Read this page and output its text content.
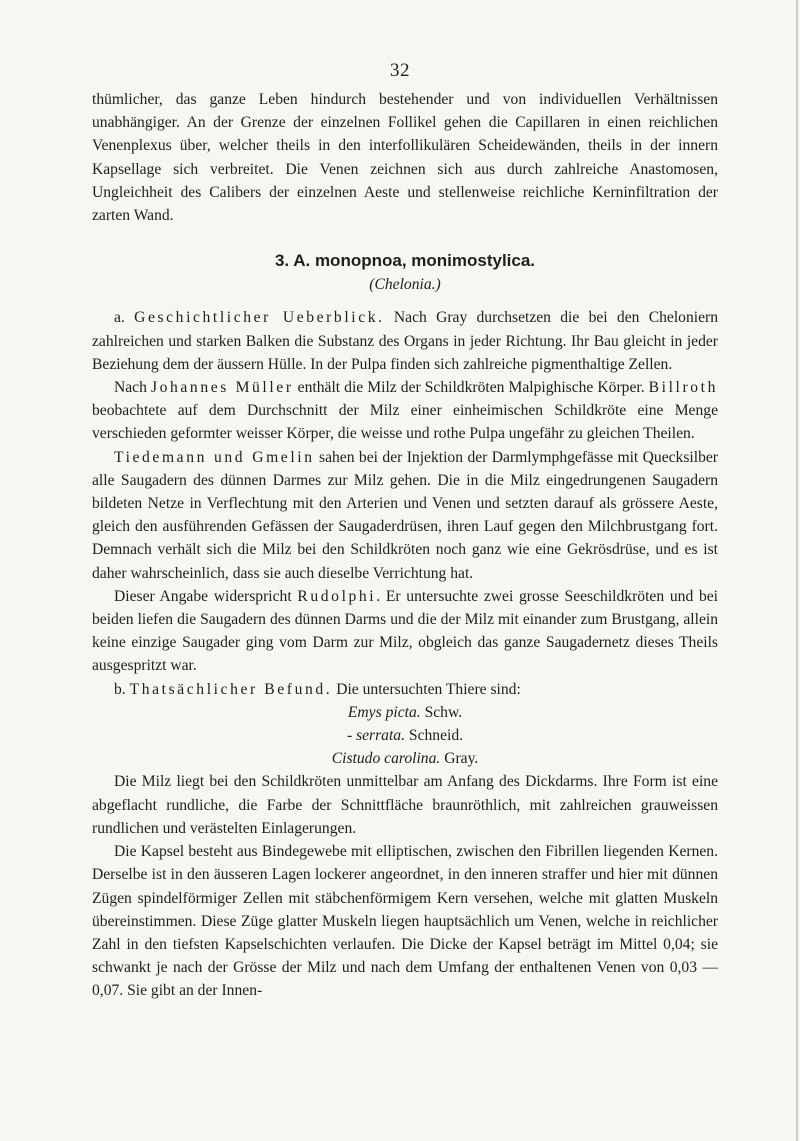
32

thümlicher, das ganze Leben hindurch bestehender und von individuellen Verhältnissen unabhängiger. An der Grenze der einzelnen Follikel gehen die Capillaren in einen reichlichen Venenplexus über, welcher theils in den interfollikulären Scheidewänden, theils in der innern Kapsellage sich verbreitet. Die Venen zeichnen sich aus durch zahlreiche Anastomosen, Ungleichheit des Calibers der einzelnen Aeste und stellenweise reichliche Kerninfiltration der zarten Wand.

3. A. monopnoa, monimostylica.
(Chelonia.)

a. Geschichtlicher Ueberblick. Nach Gray durchsetzen die bei den Cheloniern zahlreichen und starken Balken die Substanz des Organs in jeder Richtung. Ihr Bau gleicht in jeder Beziehung dem der äussern Hülle. In der Pulpa finden sich zahlreiche pigmenthaltige Zellen.

Nach Johannes Müller enthält die Milz der Schildkröten Malpighische Körper. Billroth beobachtete auf dem Durchschnitt der Milz einer einheimischen Schildkröte eine Menge verschieden geformter weisser Körper, die weisse und rothe Pulpa ungefähr zu gleichen Theilen.

Tiedemann und Gmelin sahen bei der Injektion der Darmlymphgefässe mit Quecksilber alle Saugadern des dünnen Darmes zur Milz gehen. Die in die Milz eingedrungenen Saugadern bildeten Netze in Verflechtung mit den Arterien und Venen und setzten darauf als grössere Aeste, gleich den ausführenden Gefässen der Saugaderdrüsen, ihren Lauf gegen den Milchbrustgang fort. Demnach verhält sich die Milz bei den Schildkröten noch ganz wie eine Gekrösdrüse, und es ist daher wahrscheinlich, dass sie auch dieselbe Verrichtung hat.

Dieser Angabe widerspricht Rudolphi. Er untersuchte zwei grosse Seeschildkröten und bei beiden liefen die Saugadern des dünnen Darms und die der Milz mit einander zum Brustgang, allein keine einzige Saugader ging vom Darm zur Milz, obgleich das ganze Saugadernetz dieses Theils ausgespritzt war.

b. Thatsächlicher Befund. Die untersuchten Thiere sind:

Emys picta. Schw.

- serrata. Schneid.

Cistudo carolina. Gray.

Die Milz liegt bei den Schildkröten unmittelbar am Anfang des Dickdarms. Ihre Form ist eine abgeflacht rundliche, die Farbe der Schnittfläche braunröthlich, mit zahlreichen grauweissen rundlichen und verästelten Einlagerungen.

Die Kapsel besteht aus Bindegewebe mit elliptischen, zwischen den Fibrillen liegenden Kernen. Derselbe ist in den äusseren Lagen lockerer angeordnet, in den inneren straffer und hier mit dünnen Zügen spindelförmiger Zellen mit stäbchenförmigem Kern versehen, welche mit glatten Muskeln übereinstimmen. Diese Züge glatter Muskeln liegen hauptsächlich um Venen, welche in reichlicher Zahl in den tiefsten Kapselschichten verlaufen. Die Dicke der Kapsel beträgt im Mittel 0,04; sie schwankt je nach der Grösse der Milz und nach dem Umfang der enthaltenen Venen von 0,03 — 0,07. Sie gibt an der Innen-
